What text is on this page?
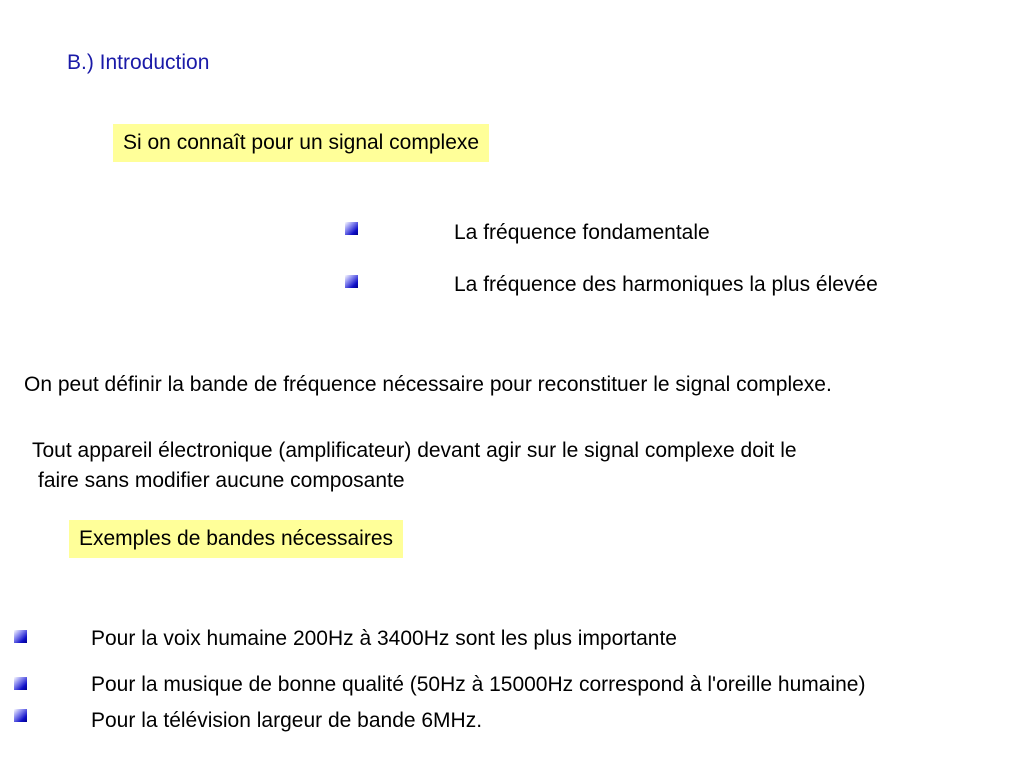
B.) Introduction
Si on connaît pour un signal complexe
La fréquence fondamentale
La fréquence des harmoniques la plus élevée
On peut définir la bande de fréquence nécessaire pour reconstituer le signal complexe.
Tout appareil électronique (amplificateur) devant agir sur le signal complexe doit le
faire sans modifier aucune composante
Exemples de bandes nécessaires
Pour la voix humaine 200Hz à 3400Hz sont les plus importante
Pour la musique de bonne qualité (50Hz à 15000Hz correspond à l'oreille humaine)
Pour la télévision largeur de bande 6MHz.
